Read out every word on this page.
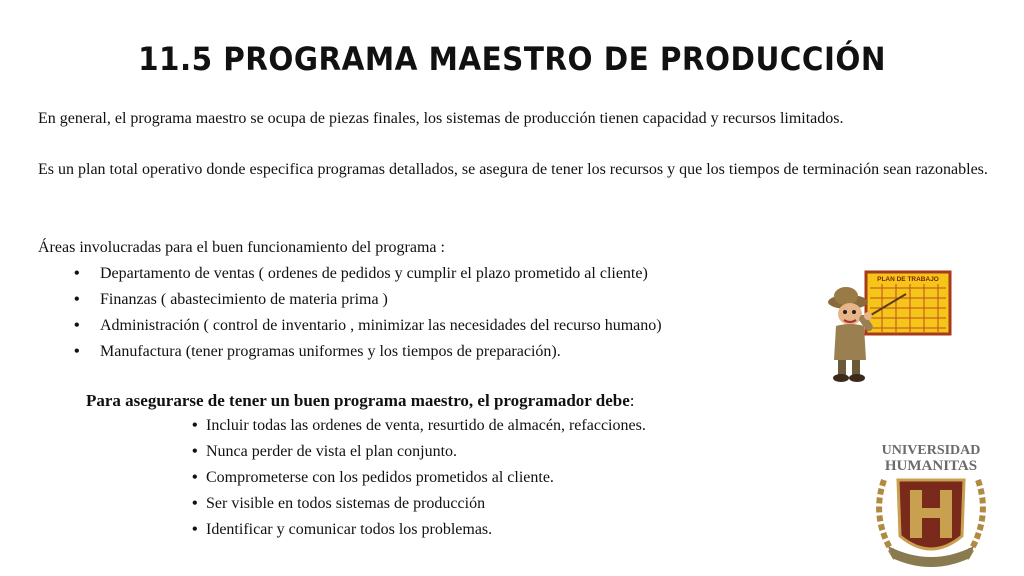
11.5 PROGRAMA MAESTRO DE PRODUCCIÓN
En general, el programa maestro se ocupa de piezas finales, los sistemas de producción tienen capacidad y recursos limitados.
Es un plan total operativo donde especifica programas detallados, se asegura de tener los recursos y que los tiempos de terminación sean razonables.
Áreas involucradas para el buen funcionamiento del programa :
• Departamento de ventas ( ordenes de pedidos y cumplir el plazo prometido al cliente)
• Finanzas ( abastecimiento de materia prima )
• Administración ( control de inventario , minimizar las necesidades del recurso humano)
• Manufactura (tener programas uniformes y los tiempos de preparación).
Para asegurarse de tener un buen programa maestro, el programador debe:
• Incluir todas las ordenes de venta, resurtido de almacén, refacciones.
• Nunca perder de vista el plan conjunto.
• Comprometerse con los pedidos prometidos al cliente.
• Ser visible en todos sistemas de producción
• Identificar y comunicar todos los problemas.
PLAN DE TRABAJO
UNIVERSIDAD
HUMANITAS
